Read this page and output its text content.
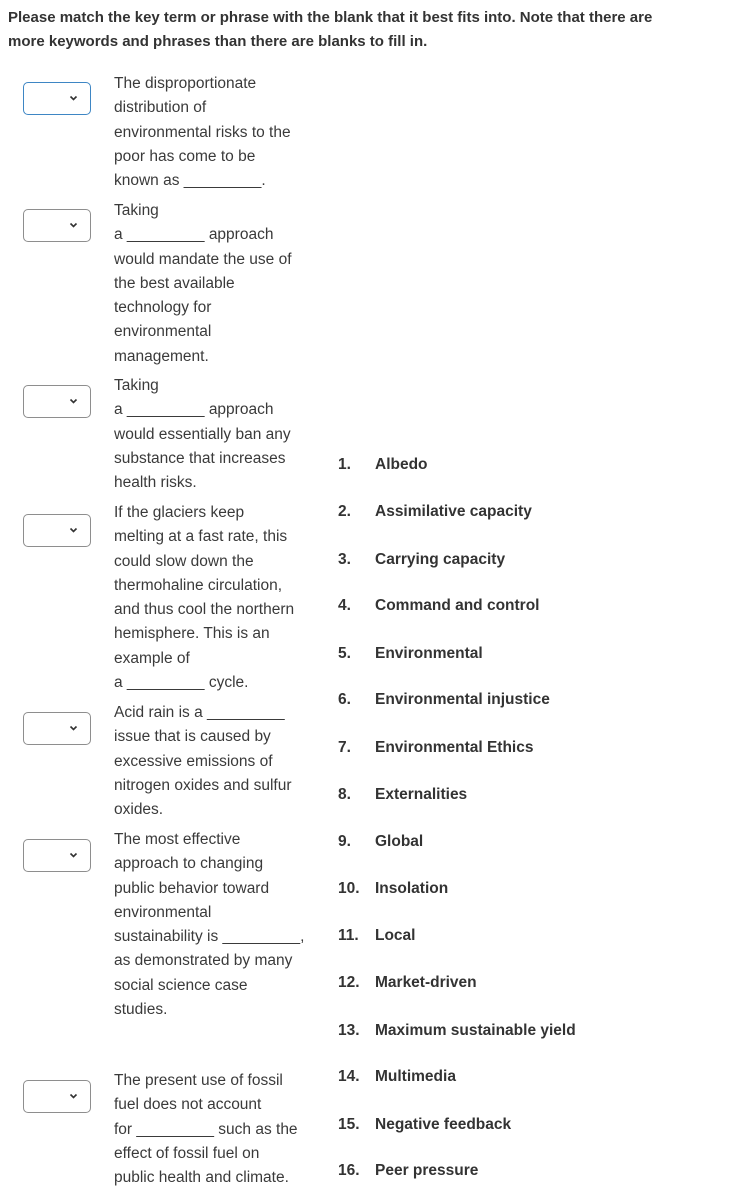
Please match the key term or phrase with the blank that it best fits into. Note that there are more keywords and phrases than there are blanks to fill in.
The disproportionate
distribution of
environmental risks to the
poor has come to be
known as _________.
Taking
a _________ approach
would mandate the use of
the best available
technology for
environmental
management.
Taking
a _________ approach
would essentially ban any
substance that increases
health risks.
If the glaciers keep
melting at a fast rate, this
could slow down the
thermohaline circulation,
and thus cool the northern
hemisphere. This is an
example of
a _________ cycle.
Acid rain is a _________
issue that is caused by
excessive emissions of
nitrogen oxides and sulfur
oxides.
The most effective
approach to changing
public behavior toward
environmental
sustainability is _________,
as demonstrated by many
social science case
studies.
The present use of fossil
fuel does not account
for _________ such as the
effect of fossil fuel on
public health and climate.
1. Albedo
2. Assimilative capacity
3. Carrying capacity
4. Command and control
5. Environmental
6. Environmental injustice
7. Environmental Ethics
8. Externalities
9. Global
10. Insolation
11. Local
12. Market-driven
13. Maximum sustainable yield
14. Multimedia
15. Negative feedback
16. Peer pressure
